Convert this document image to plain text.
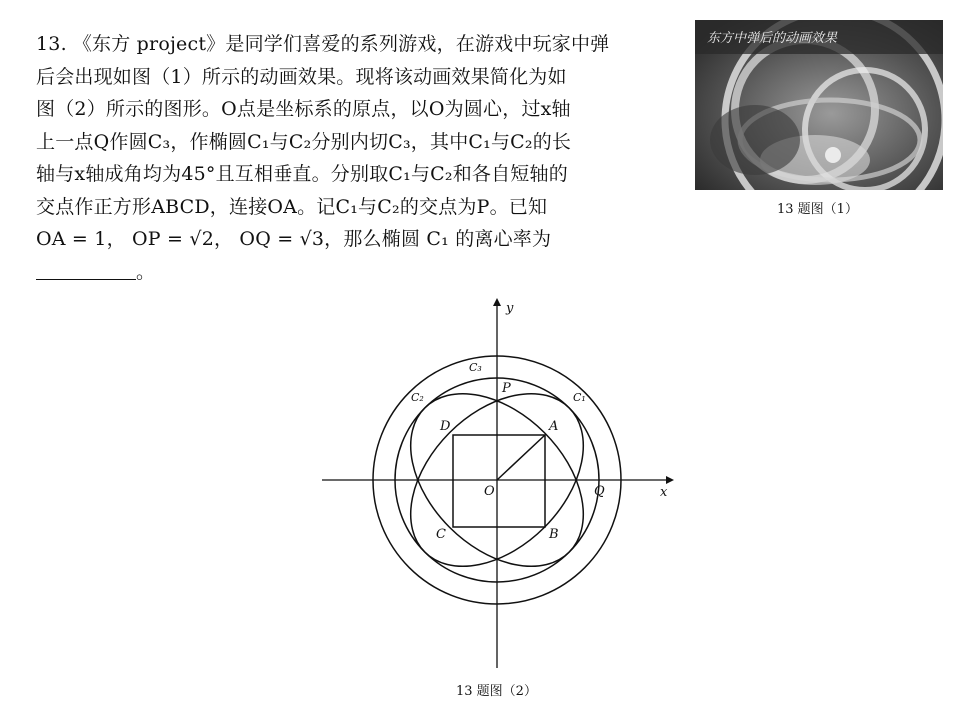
13. 《东方 project》是同学们喜爱的系列游戏，在游戏中玩家中弹
后会出现如图（1）所示的动画效果。现将该动画效果简化为如
图（2）所示的图形。O点是坐标系的原点，以O为圆心，过x轴
上一点Q作圆C₃，作椭圆C₁与C₂分别内切C₃，其中C₁与C₂的长
轴与x轴成角均为45°且互相垂直。分别取C₁与C₂和各自短轴的
交点作正方形ABCD，连接OA。记C₁与C₂的交点为P。已知
OA = 1， OP = √2， OQ = √3，那么椭圆 C₁ 的离心率为
。
东方中弹后的动画效果
13 题图（1）
y
x
O	Q
P
A
B
C
D
C₁
C₂
C₃
13 题图（2）
